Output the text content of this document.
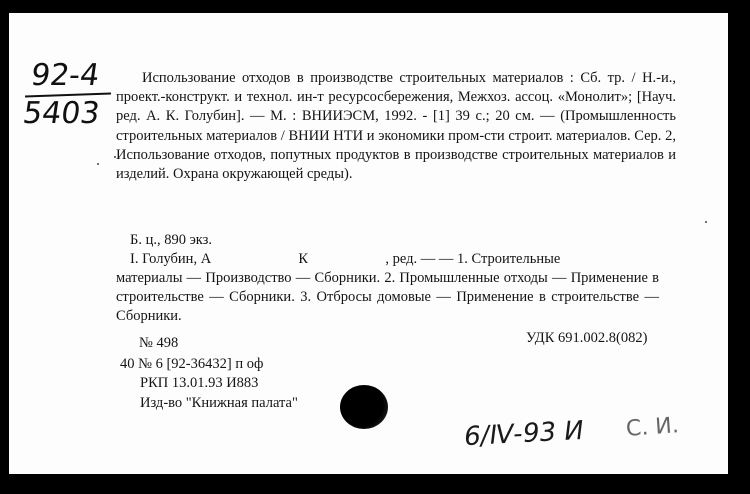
92-4
5403
Использование отходов в производстве строительных материалов : Сб. тр. / Н.-и., проект.-конструкт. и технол. ин-т ресурсосбережения, Межхоз. ассоц. «Монолит»; [Науч. ред. А. К. Голубин]. — М. : ВНИИЭСМ, 1992. - [1] 39 с.; 20 см. — (Промышленность строительных материалов / ВНИИ НТИ и экономики пром-сти строит. материалов. Сер. 2, Использование отходов, попутных продуктов в производстве строительных материалов и изделий. Охрана окружающей среды).
Б. ц., 890 экз.
I. Голубин, А	К	, ред. — — 1. Строительные
материалы — Производство — Сборники. 2. Промышленные отходы — Применение в строительстве — Сборники. 3. Отбросы домовые — Применение в строительстве — Сборники.
№ 498	УДК 691.002.8(082)
40 № 6 [92-36432] п оф
РКП 13.01.93 И883
Изд-во "Книжная палата"
6/Ⅳ-93 И С. И.
